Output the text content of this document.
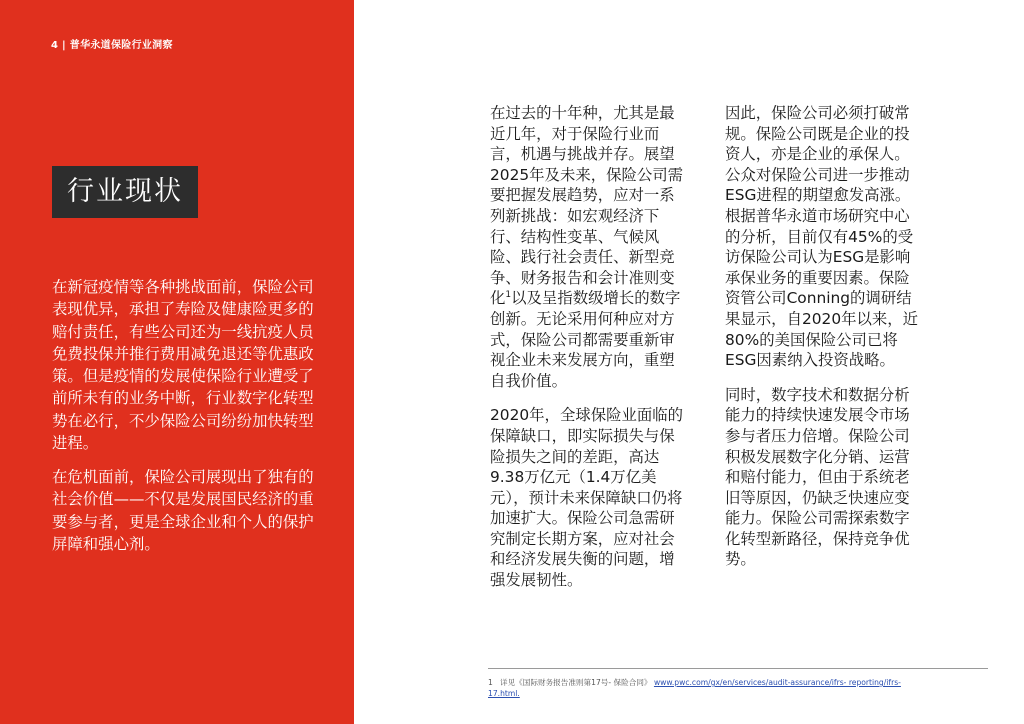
4 | 普华永道保险行业洞察
行业现状

在新冠疫情等各种挑战面前，保险公司表现优异，承担了寿险及健康险更多的赔付责任，有些公司还为一线抗疫人员免费投保并推行费用减免退还等优惠政策。但是疫情的发展使保险行业遭受了前所未有的业务中断，行业数字化转型势在必行，不少保险公司纷纷加快转型进程。

在危机面前，保险公司展现出了独有的社会价值——不仅是发展国民经济的重要参与者，更是全球企业和个人的保护屏障和强心剂。

在过去的十年种，尤其是最近几年，对于保险行业而言，机遇与挑战并存。展望2025年及未来，保险公司需要把握发展趋势，应对一系列新挑战：如宏观经济下行、结构性变革、气候风险、践行社会责任、新型竞争、财务报告和会计准则变化$^1$以及呈指数级增长的数字创新。无论采用何种应对方式，保险公司都需要重新审视企业未来发展方向，重塑自我价值。

2020年，全球保险业面临的保障缺口，即实际损失与保险损失之间的差距，高达9.38万亿元（1.4万亿美元），预计未来保障缺口仍将加速扩大。保险公司急需研究制定长期方案，应对社会和经济发展失衡的问题，增强发展韧性。

因此，保险公司必须打破常规。保险公司既是企业的投资人，亦是企业的承保人。公众对保险公司进一步推动ESG进程的期望愈发高涨。根据普华永道市场研究中心的分析，目前仅有45%的受访保险公司认为ESG是影响承保业务的重要因素。保险资管公司Conning的调研结果显示，自2020年以来，近80%的美国保险公司已将ESG因素纳入投资战略。

同时，数字技术和数据分析能力的持续快速发展令市场参与者压力倍增。保险公司积极发展数字化分销、运营和赔付能力，但由于系统老旧等原因，仍缺乏快速应变能力。保险公司需探索数字化转型新路径，保持竞争优势。

1 详见《国际财务报告准则第17号- 保险合同》 www.pwc.com/gx/en/services/audit-assurance/ifrs- reporting/ifrs-17.html.
